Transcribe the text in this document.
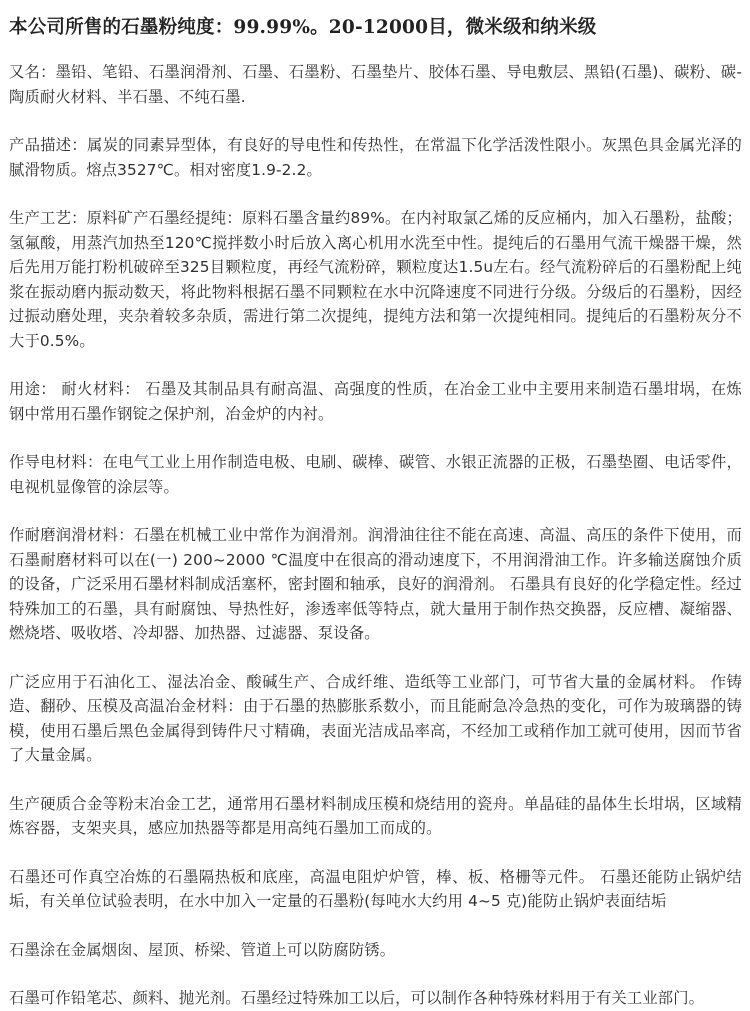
本公司所售的石墨粉纯度：99.99%。20-12000目，微米级和纳米级

又名：墨铅、笔铅、石墨润滑剂、石墨、石墨粉、石墨垫片、胶体石墨、导电敷层、黑铅(石墨)、碳粉、碳-陶质耐火材料、半石墨、不纯石墨.

产品描述：属炭的同素异型体，有良好的导电性和传热性，在常温下化学活泼性限小。灰黑色具金属光泽的腻滑物质。熔点3527℃。相对密度1.9-2.2。

生产工艺：原料矿产石墨经提纯：原料石墨含量约89%。在内衬取氯乙烯的反应桶内，加入石墨粉，盐酸；氢氟酸，用蒸汽加热至120℃搅拌数小时后放入离心机用水洗至中性。提纯后的石墨用气流干燥器干燥，然后先用万能打粉机破碎至325目颗粒度，再经气流粉碎，颗粒度达1.5u左右。经气流粉碎后的石墨粉配上纯浆在振动磨内振动数天，将此物料根据石墨不同颗粒在水中沉降速度不同进行分级。分级后的石墨粉，因经过振动磨处理，夹杂着较多杂质，需进行第二次提纯，提纯方法和第一次提纯相同。提纯后的石墨粉灰分不大于0.5%。

用途： 耐火材料： 石墨及其制品具有耐高温、高强度的性质，在冶金工业中主要用来制造石墨坩埚，在炼钢中常用石墨作钢锭之保护剂，冶金炉的内衬。

作导电材料：在电气工业上用作制造电极、电刷、碳棒、碳管、水银正流器的正极，石墨垫圈、电话零件，电视机显像管的涂层等。

作耐磨润滑材料：石墨在机械工业中常作为润滑剂。润滑油往往不能在高速、高温、高压的条件下使用，而石墨耐磨材料可以在(一) 200~2000 ℃温度中在很高的滑动速度下，不用润滑油工作。许多输送腐蚀介质的设备，广泛采用石墨材料制成活塞杯，密封圈和轴承，良好的润滑剂。 石墨具有良好的化学稳定性。经过特殊加工的石墨，具有耐腐蚀、导热性好，渗透率低等特点，就大量用于制作热交换器，反应槽、凝缩器、燃烧塔、吸收塔、冷却器、加热器、过滤器、泵设备。

广泛应用于石油化工、湿法冶金、酸碱生产、合成纤维、造纸等工业部门，可节省大量的金属材料。 作铸造、翻砂、压模及高温冶金材料：由于石墨的热膨胀系数小，而且能耐急冷急热的变化，可作为玻璃器的铸模，使用石墨后黑色金属得到铸件尺寸精确，表面光洁成品率高，不经加工或稍作加工就可使用，因而节省了大量金属。

生产硬质合金等粉末冶金工艺，通常用石墨材料制成压模和烧结用的瓷舟。单晶硅的晶体生长坩埚，区域精炼容器，支架夹具，感应加热器等都是用高纯石墨加工而成的。

石墨还可作真空冶炼的石墨隔热板和底座，高温电阻炉炉管，棒、板、格栅等元件。 石墨还能防止锅炉结垢，有关单位试验表明，在水中加入一定量的石墨粉(每吨水大约用 4~5 克)能防止锅炉表面结垢

石墨涂在金属烟囱、屋顶、桥梁、管道上可以防腐防锈。

石墨可作铅笔芯、颜料、抛光剂。石墨经过特殊加工以后，可以制作各种特殊材料用于有关工业部门。
